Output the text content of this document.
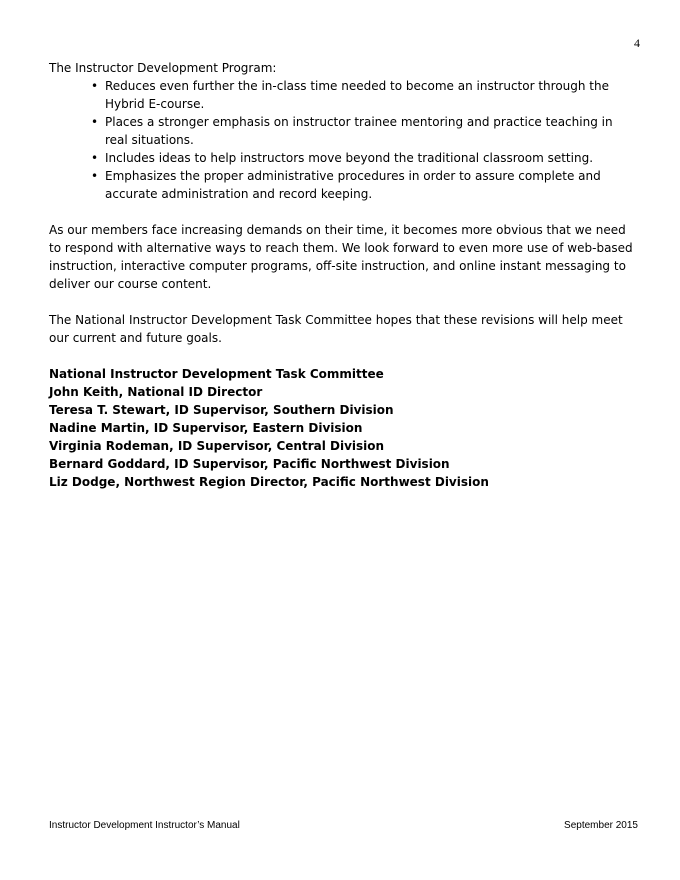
4

The Instructor Development Program:

• Reduces even further the in-class time needed to become an instructor through the Hybrid E-course.
• Places a stronger emphasis on instructor trainee mentoring and practice teaching in real situations.
• Includes ideas to help instructors move beyond the traditional classroom setting.
• Emphasizes the proper administrative procedures in order to assure complete and accurate administration and record keeping.

As our members face increasing demands on their time, it becomes more obvious that we need to respond with alternative ways to reach them. We look forward to even more use of web-based instruction, interactive computer programs, off-site instruction, and online instant messaging to deliver our course content.

The National Instructor Development Task Committee hopes that these revisions will help meet our current and future goals.

National Instructor Development Task Committee
John Keith, National ID Director
Teresa T. Stewart, ID Supervisor, Southern Division
Nadine Martin, ID Supervisor, Eastern Division
Virginia Rodeman, ID Supervisor, Central Division
Bernard Goddard, ID Supervisor, Pacific Northwest Division
Liz Dodge, Northwest Region Director, Pacific Northwest Division
Instructor Development Instructor’s Manual	September 2015
